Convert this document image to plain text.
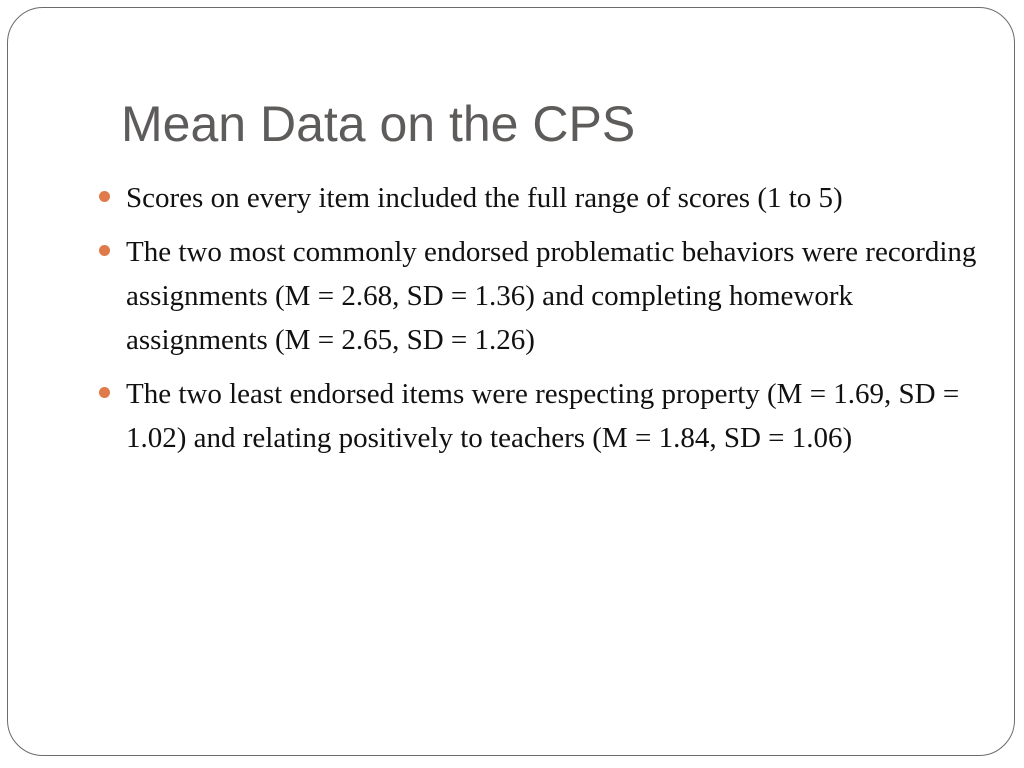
Mean Data on the CPS
Scores on every item included the full range of scores (1 to 5)
The two most commonly endorsed problematic behaviors were recording assignments (M = 2.68, SD = 1.36) and completing homework assignments (M = 2.65, SD = 1.26)
The two least endorsed items were respecting property (M = 1.69, SD = 1.02) and relating positively to teachers (M = 1.84, SD = 1.06)
